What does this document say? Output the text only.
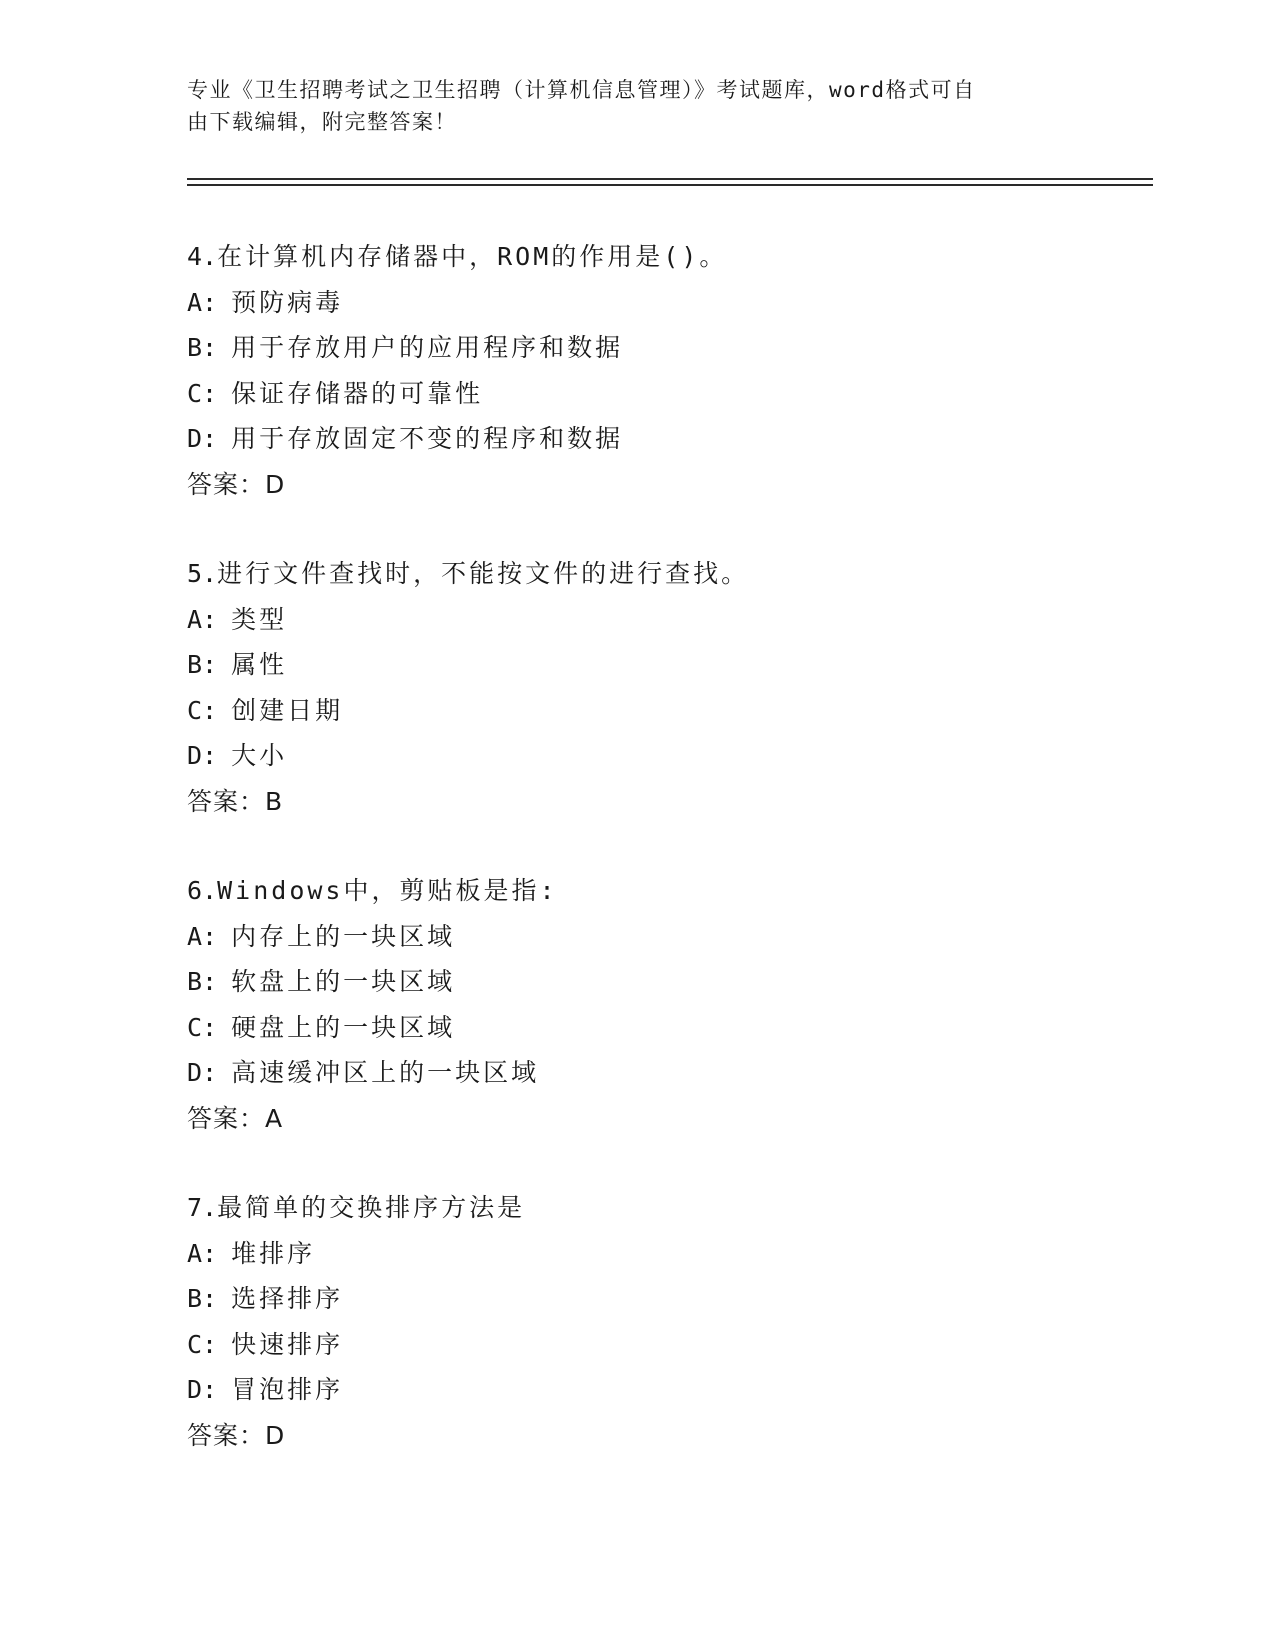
专业《卫生招聘考试之卫生招聘（计算机信息管理）》考试题库，word格式可自
由下载编辑，附完整答案！
4.在计算机内存储器中，ROM的作用是()。
A: 预防病毒
B: 用于存放用户的应用程序和数据
C: 保证存储器的可靠性
D: 用于存放固定不变的程序和数据
答案：D
5.进行文件查找时，不能按文件的进行查找。
A: 类型
B: 属性
C: 创建日期
D: 大小
答案：B
6.Windows中，剪贴板是指:
A: 内存上的一块区域
B: 软盘上的一块区域
C: 硬盘上的一块区域
D: 高速缓冲区上的一块区域
答案：A
7.最简单的交换排序方法是
A: 堆排序
B: 选择排序
C: 快速排序
D: 冒泡排序
答案：D
